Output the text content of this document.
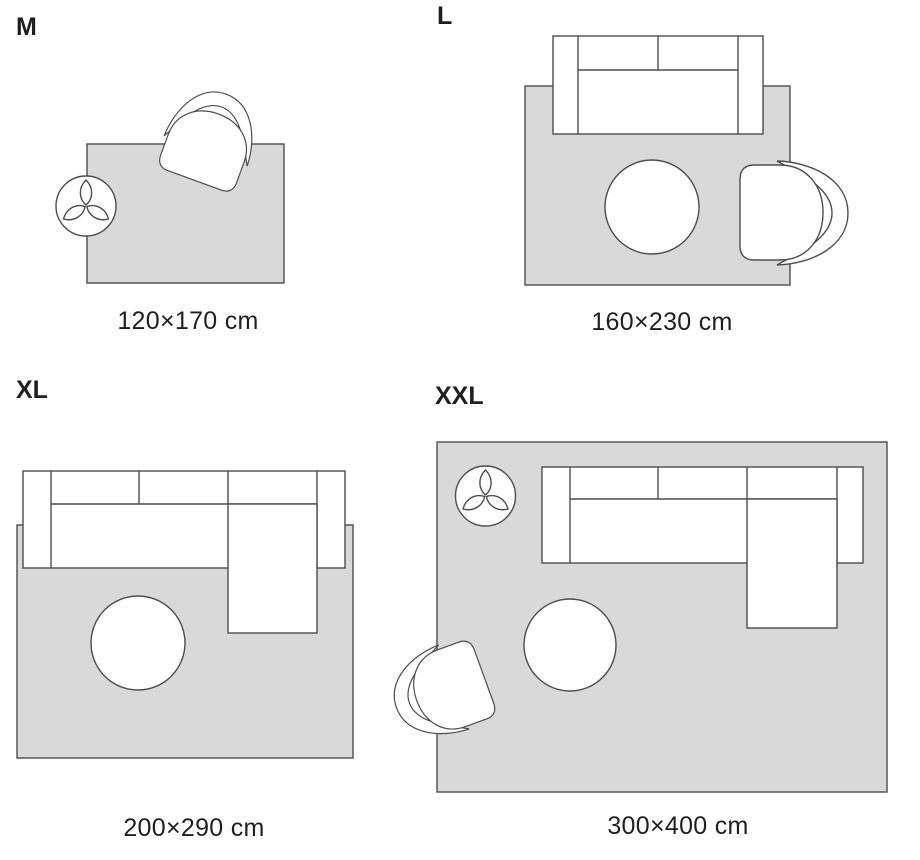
M
120×170 cm
L
160×230 cm
XL
200×290 cm
XXL
300×400 cm
